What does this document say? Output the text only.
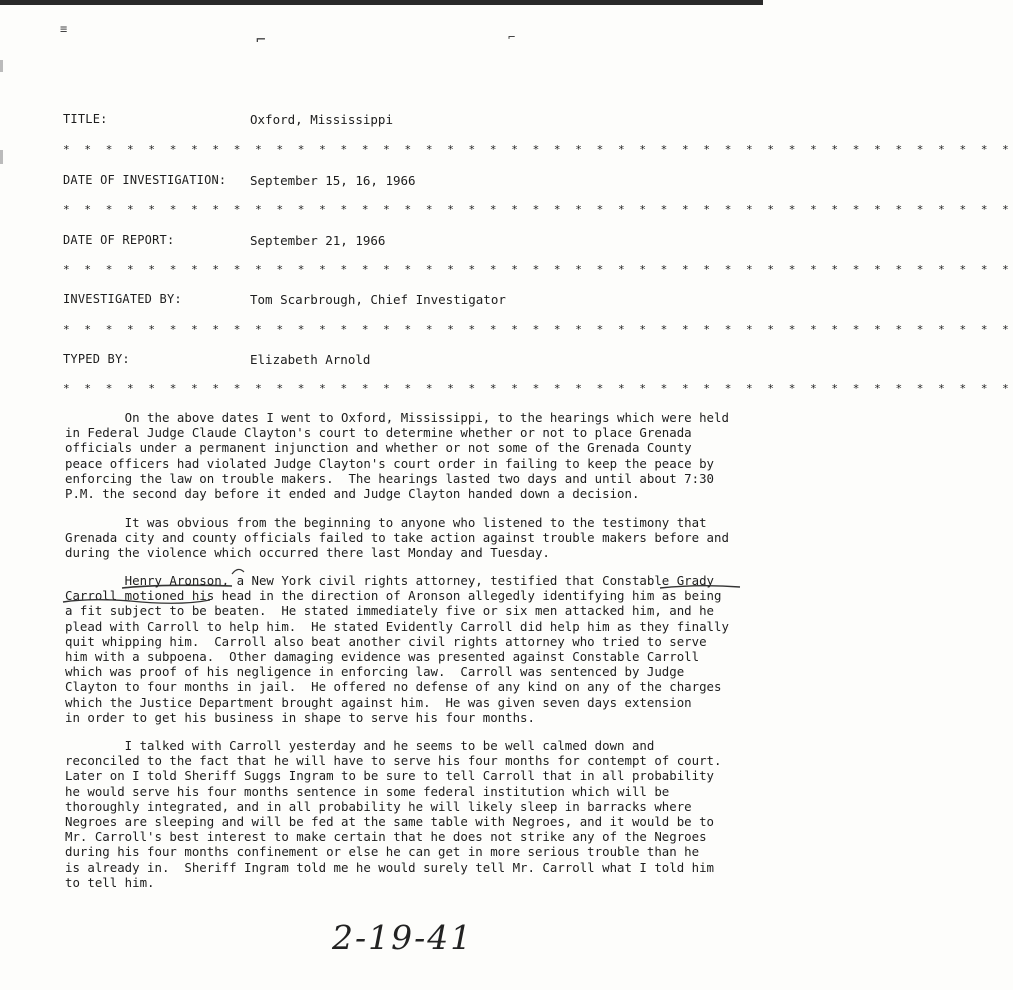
≡
⌐	⌐
TITLE:	Oxford, Mississippi
* * * * * * * * * * * * * * * * * * * * * * * * * * * * * * * * * * * * * * * * * * * * *
DATE OF INVESTIGATION: September 15, 16, 1966
* * * * * * * * * * * * * * * * * * * * * * * * * * * * * * * * * * * * * * * * * * * * *
DATE OF REPORT:	September 21, 1966
* * * * * * * * * * * * * * * * * * * * * * * * * * * * * * * * * * * * * * * * * * * * *
INVESTIGATED BY:	Tom Scarbrough, Chief Investigator
* * * * * * * * * * * * * * * * * * * * * * * * * * * * * * * * * * * * * * * * * * * * *
TYPED BY:	Elizabeth Arnold
* * * * * * * * * * * * * * * * * * * * * * * * * * * * * * * * * * * * * * * * * * * * *

On the above dates I went to Oxford, Mississippi, to the hearings which were held

in Federal Judge Claude Clayton's court to determine whether or not to place Grenada

officials under a permanent injunction and whether or not some of the Grenada County

peace officers had violated Judge Clayton's court order in failing to keep the peace by

enforcing the law on trouble makers.  The hearings lasted two days and until about 7:30

P.M. the second day before it ended and Judge Clayton handed down a decision.

It was obvious from the beginning to anyone who listened to the testimony that

Grenada city and county officials failed to take action against trouble makers before and

during the violence which occurred there last Monday and Tuesday.

Henry Aronson, a New York civil rights attorney, testified that Constable Grady

Carroll motioned his head in the direction of Aronson allegedly identifying him as being

a fit subject to be beaten.  He stated immediately five or six men attacked him, and he

plead with Carroll to help him.  He stated Evidently Carroll did help him as they finally

quit whipping him.  Carroll also beat another civil rights attorney who tried to serve

him with a subpoena.  Other damaging evidence was presented against Constable Carroll

which was proof of his negligence in enforcing law.  Carroll was sentenced by Judge

Clayton to four months in jail.  He offered no defense of any kind on any of the charges

which the Justice Department brought against him.  He was given seven days extension

in order to get his business in shape to serve his four months.

I talked with Carroll yesterday and he seems to be well calmed down and

reconciled to the fact that he will have to serve his four months for contempt of court.

Later on I told Sheriff Suggs Ingram to be sure to tell Carroll that in all probability

he would serve his four months sentence in some federal institution which will be

thoroughly integrated, and in all probability he will likely sleep in barracks where

Negroes are sleeping and will be fed at the same table with Negroes, and it would be to

Mr. Carroll's best interest to make certain that he does not strike any of the Negroes

during his four months confinement or else he can get in more serious trouble than he

is already in.  Sheriff Ingram told me he would surely tell Mr. Carroll what I told him

to tell him.

2-19-41
